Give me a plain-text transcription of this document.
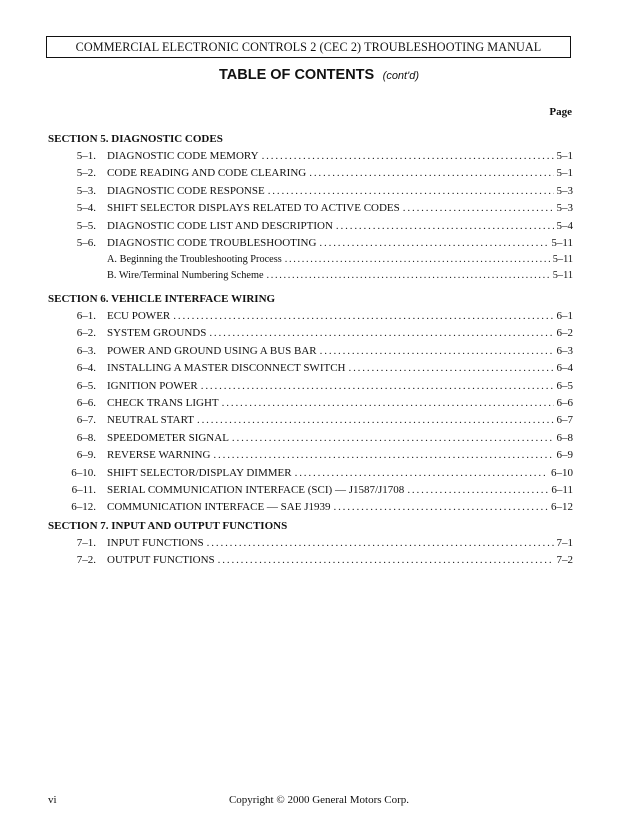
COMMERCIAL ELECTRONIC CONTROLS 2 (CEC 2) TROUBLESHOOTING MANUAL
TABLE OF CONTENTS (cont'd)
Page
SECTION 5. DIAGNOSTIC CODES
5–1. DIAGNOSTIC CODE MEMORY . . .	5–1
5–2. CODE READING AND CODE CLEARING . . .	5–1
5–3. DIAGNOSTIC CODE RESPONSE . . .	5–3
5–4. SHIFT SELECTOR DISPLAYS RELATED TO ACTIVE CODES . . .	5–3
5–5. DIAGNOSTIC CODE LIST AND DESCRIPTION . . .	5–4
5–6. DIAGNOSTIC CODE TROUBLESHOOTING . . .	5–11
A. Beginning the Troubleshooting Process . . .	5–11
B. Wire/Terminal Numbering Scheme . . .	5–11
SECTION 6. VEHICLE INTERFACE WIRING
6–1. ECU POWER . . .	6–1
6–2. SYSTEM GROUNDS . . .	6–2
6–3. POWER AND GROUND USING A BUS BAR . . .	6–3
6–4. INSTALLING A MASTER DISCONNECT SWITCH . . .	6–4
6–5. IGNITION POWER . . .	6–5
6–6. CHECK TRANS LIGHT . . .	6–6
6–7. NEUTRAL START . . .	6–7
6–8. SPEEDOMETER SIGNAL . . .	6–8
6–9. REVERSE WARNING . . .	6–9
6–10. SHIFT SELECTOR/DISPLAY DIMMER . . .	6–10
6–11. SERIAL COMMUNICATION INTERFACE (SCI) — J1587/J1708 . . .	6–11
6–12. COMMUNICATION INTERFACE — SAE J1939 . . .	6–12
SECTION 7. INPUT AND OUTPUT FUNCTIONS
7–1. INPUT FUNCTIONS . . .	7–1
7–2. OUTPUT FUNCTIONS . . .	7–2
vi	Copyright © 2000 General Motors Corp.
